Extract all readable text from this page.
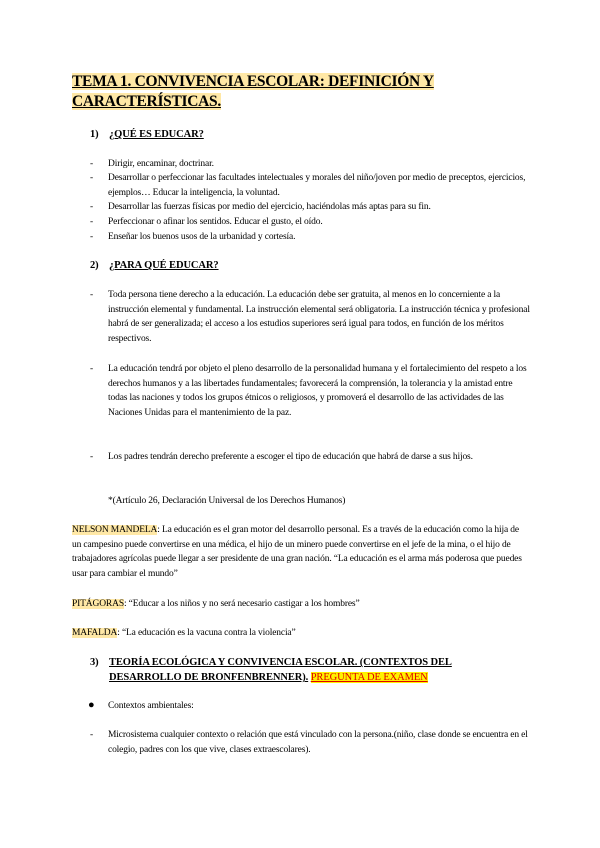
TEMA 1. CONVIVENCIA ESCOLAR: DEFINICIÓN Y
CARACTERÍSTICAS.
1) ¿QUÉ ES EDUCAR?
- Dirigir, encaminar, doctrinar.
- Desarrollar o perfeccionar las facultades intelectuales y morales del niño/joven por medio de preceptos, ejercicios, ejemplos… Educar la inteligencia, la voluntad.
- Desarrollar las fuerzas físicas por medio del ejercicio, haciéndolas más aptas para su fin.
- Perfeccionar o afinar los sentidos. Educar el gusto, el oído.
- Enseñar los buenos usos de la urbanidad y cortesía.
2) ¿PARA QUÉ EDUCAR?
- Toda persona tiene derecho a la educación. La educación debe ser gratuita, al menos en lo concerniente a la instrucción elemental y fundamental. La instrucción elemental será obligatoria. La instrucción técnica y profesional habrá de ser generalizada; el acceso a los estudios superiores será igual para todos, en función de los méritos respectivos.
- La educación tendrá por objeto el pleno desarrollo de la personalidad humana y el fortalecimiento del respeto a los derechos humanos y a las libertades fundamentales; favorecerá la comprensión, la tolerancia y la amistad entre todas las naciones y todos los grupos étnicos o religiosos, y promoverá el desarrollo de las actividades de las Naciones Unidas para el mantenimiento de la paz.
- Los padres tendrán derecho preferente a escoger el tipo de educación que habrá de darse a sus hijos.
*(Artículo 26, Declaración Universal de los Derechos Humanos)
NELSON MANDELA: La educación es el gran motor del desarrollo personal. Es a través de la educación como la hija de un campesino puede convertirse en una médica, el hijo de un minero puede convertirse en el jefe de la mina, o el hijo de trabajadores agrícolas puede llegar a ser presidente de una gran nación. “La educación es el arma más poderosa que puedes usar para cambiar el mundo”
PITÁGORAS: “Educar a los niños y no será necesario castigar a los hombres”
MAFALDA: “La educación es la vacuna contra la violencia”
3) TEORÍA ECOLÓGICA Y CONVIVENCIA ESCOLAR. (CONTEXTOS DEL
DESARROLLO DE BRONFENBRENNER). PREGUNTA DE EXAMEN
● Contextos ambientales:
- Microsistema cualquier contexto o relación que está vinculado con la persona.(niño, clase donde se encuentra en el colegio, padres con los que vive, clases extraescolares).
